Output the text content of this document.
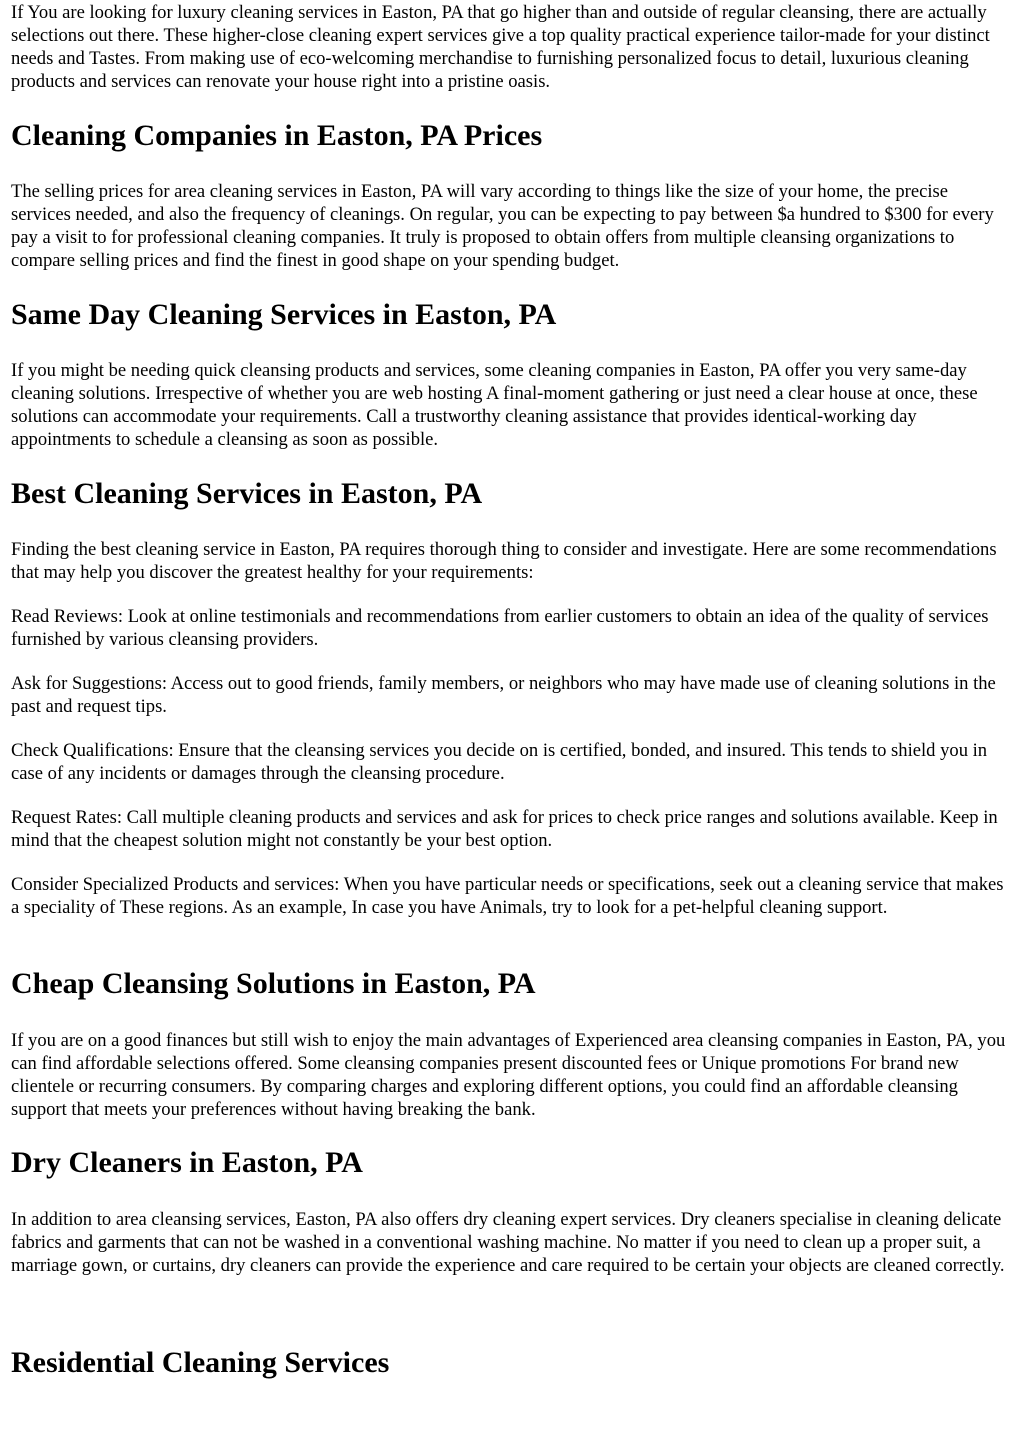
If You are looking for luxury cleaning services in Easton, PA that go higher than and outside of regular cleansing, there are actually selections out there. These higher-close cleaning expert services give a top quality practical experience tailor-made for your distinct needs and Tastes. From making use of eco-welcoming merchandise to furnishing personalized focus to detail, luxurious cleaning products and services can renovate your house right into a pristine oasis.

Cleaning Companies in Easton, PA Prices

The selling prices for area cleaning services in Easton, PA will vary according to things like the size of your home, the precise services needed, and also the frequency of cleanings. On regular, you can be expecting to pay between $a hundred to $300 for every pay a visit to for professional cleaning companies. It truly is proposed to obtain offers from multiple cleansing organizations to compare selling prices and find the finest in good shape on your spending budget.

Same Day Cleaning Services in Easton, PA

If you might be needing quick cleansing products and services, some cleaning companies in Easton, PA offer you very same-day cleaning solutions. Irrespective of whether you are web hosting A final-moment gathering or just need a clear house at once, these solutions can accommodate your requirements. Call a trustworthy cleaning assistance that provides identical-working day appointments to schedule a cleansing as soon as possible.

Best Cleaning Services in Easton, PA

Finding the best cleaning service in Easton, PA requires thorough thing to consider and investigate. Here are some recommendations that may help you discover the greatest healthy for your requirements:

Read Reviews: Look at online testimonials and recommendations from earlier customers to obtain an idea of the quality of services furnished by various cleansing providers.

Ask for Suggestions: Access out to good friends, family members, or neighbors who may have made use of cleaning solutions in the past and request tips.

Check Qualifications: Ensure that the cleansing services you decide on is certified, bonded, and insured. This tends to shield you in case of any incidents or damages through the cleansing procedure.

Request Rates: Call multiple cleaning products and services and ask for prices to check price ranges and solutions available. Keep in mind that the cheapest solution might not constantly be your best option.

Consider Specialized Products and services: When you have particular needs or specifications, seek out a cleaning service that makes a speciality of These regions. As an example, In case you have Animals, try to look for a pet-helpful cleaning support.

Cheap Cleansing Solutions in Easton, PA

If you are on a good finances but still wish to enjoy the main advantages of Experienced area cleansing companies in Easton, PA, you can find affordable selections offered. Some cleansing companies present discounted fees or Unique promotions For brand new clientele or recurring consumers. By comparing charges and exploring different options, you could find an affordable cleansing support that meets your preferences without having breaking the bank.

Dry Cleaners in Easton, PA

In addition to area cleansing services, Easton, PA also offers dry cleaning expert services. Dry cleaners specialise in cleaning delicate fabrics and garments that can not be washed in a conventional washing machine. No matter if you need to clean up a proper suit, a marriage gown, or curtains, dry cleaners can provide the experience and care required to be certain your objects are cleaned correctly.

Residential Cleaning Services
